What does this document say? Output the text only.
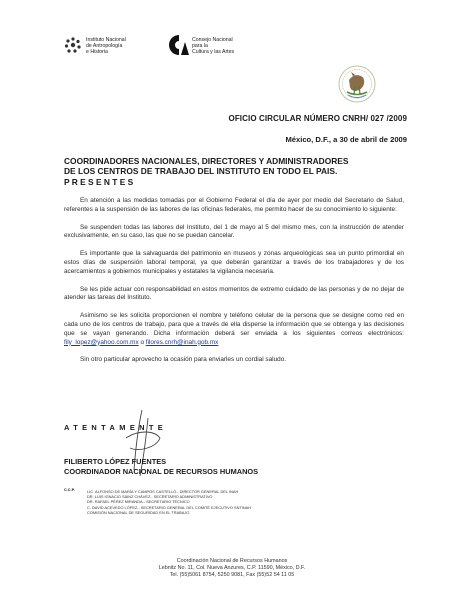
Instituto Nacional
de Antropología
e Historia
Consejo Nacional
para la
Cultura y las Artes
OFICIO CIRCULAR NÚMERO CNRH/ 027 /2009
México, D.F., a 30 de abril de 2009
COORDINADORES NACIONALES, DIRECTORES Y ADMINISTRADORES
DE LOS CENTROS DE TRABAJO DEL INSTITUTO EN TODO EL PAIS.
P R E S E N T E S

En atención a las medidas tomadas por el Gobierno Federal el día de ayer por medio del Secretario de Salud, referentes a la suspensión de las labores de las oficinas federales, me permito hacer de su conocimiento lo siguiente:

Se suspenden todas las labores del Instituto, del 1 de mayo al 5 del mismo mes, con la instrucción de atender exclusivamente, en su caso, las que no se puedan cancelar.

Es importante que la salvaguarda del patrimonio en museos y zonas arqueológicas sea un punto primordial en estos días de suspensión laboral temporal, ya que deberán garantizar a través de los trabajadores y de los acercamientos a gobiernos municipales y estatales la vigilancia necesaria.

Se les pide actuar con responsabilidad en estos momentos de extremo cuidado de las personas y de no dejar de atender las tareas del Instituto.

Asimismo se les solicita proporcionen el nombre y teléfono celular de la persona que se designe como red en cada uno de los centros de trabajo, para que a través de ella disperse la información que se obtenga y las decisiones que se vayan generando. Dicha información deberá ser enviada a los siguientes correos electrónicos: fily_lopez@yahoo.com.mx o filores.cnrh@inah.gob.mx

Sin otro particular aprovecho la ocasión para enviarles un cordial saludo.

ATENTAMENTE
FILIBERTO LÓPEZ FUENTES
COORDINADOR NACIONAL DE RECURSOS HUMANOS
C.C.P.	LIC. ALFONSO DE MARÍA Y CAMPOS CASTELLÓ.- DIRECTOR GENERAL DEL INAH
DR. LUIS IGNACIO SÁINZ CHÁVEZ.- SECRETARIO ADMINISTRATIVO
DR. RAFAEL PÉREZ MIRANDA.- SECRETARIO TÉCNICO
C. DAVID ACEVEDO LÓPEZ.- SECRETARIO GENERAL DEL COMITÉ EJECUTIVO SNTINAH
COMISIÓN NACIONAL DE SEGURIDAD EN EL TRABAJO.
Coordinación Nacional de Recursos Humanos
Lebnitz No. 11, Col. Nueva Anzures, C.P. 11590, México, D.F.
Tel. (55)5061 8754, 5250 9081, Fax (55)52 54 11 05
